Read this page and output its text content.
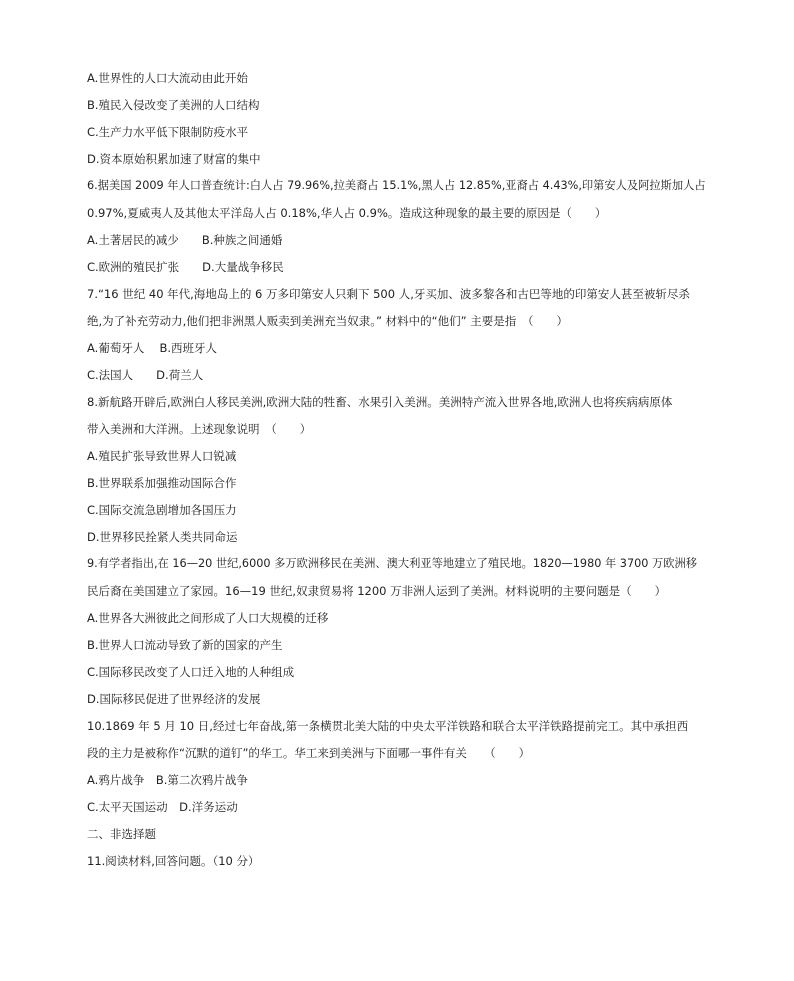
A.世界性的人口大流动由此开始
B.殖民入侵改变了美洲的人口结构
C.生产力水平低下限制防疫水平
D.资本原始积累加速了财富的集中
6.据美国 2009 年人口普查统计:白人占 79.96%,拉美裔占 15.1%,黑人占 12.85%,亚裔占 4.43%,印第安人及阿拉斯加人占
0.97%,夏威夷人及其他太平洋岛人占 0.18%,华人占 0.9%。造成这种现象的最主要的原因是（　　）
A.土著居民的减少　　B.种族之间通婚
C.欧洲的殖民扩张　　D.大量战争移民
7.“16 世纪 40 年代,海地岛上的 6 万多印第安人只剩下 500 人,牙买加、波多黎各和古巴等地的印第安人甚至被斩尽杀
绝,为了补充劳动力,他们把非洲黑人贩卖到美洲充当奴隶。” 材料中的“他们” 主要是指　（　　）
A.葡萄牙人　 B.西班牙人
C.法国人　　D.荷兰人
8.新航路开辟后,欧洲白人移民美洲,欧洲大陆的牲畜、水果引入美洲。美洲特产流入世界各地,欧洲人也将疾病病原体
带入美洲和大洋洲。上述现象说明　（　　）
A.殖民扩张导致世界人口锐减
B.世界联系加强推动国际合作
C.国际交流急剧增加各国压力
D.世界移民拴紧人类共同命运
9.有学者指出,在 16—20 世纪,6000 多万欧洲移民在美洲、澳大利亚等地建立了殖民地。1820—1980 年 3700 万欧洲移
民后裔在美国建立了家园。16—19 世纪,奴隶贸易将 1200 万非洲人运到了美洲。材料说明的主要问题是（　　）
A.世界各大洲彼此之间形成了人口大规模的迁移
B.世界人口流动导致了新的国家的产生
C.国际移民改变了人口迁入地的人种组成
D.国际移民促进了世界经济的发展
10.1869 年 5 月 10 日,经过七年奋战,第一条横贯北美大陆的中央太平洋铁路和联合太平洋铁路提前完工。其中承担西
段的主力是被称作“沉默的道钉”的华工。华工来到美洲与下面哪一事件有关　　（　　）
A.鸦片战争　B.第二次鸦片战争
C.太平天国运动　D.洋务运动
二、非选择题
11.阅读材料,回答问题。（10 分）
